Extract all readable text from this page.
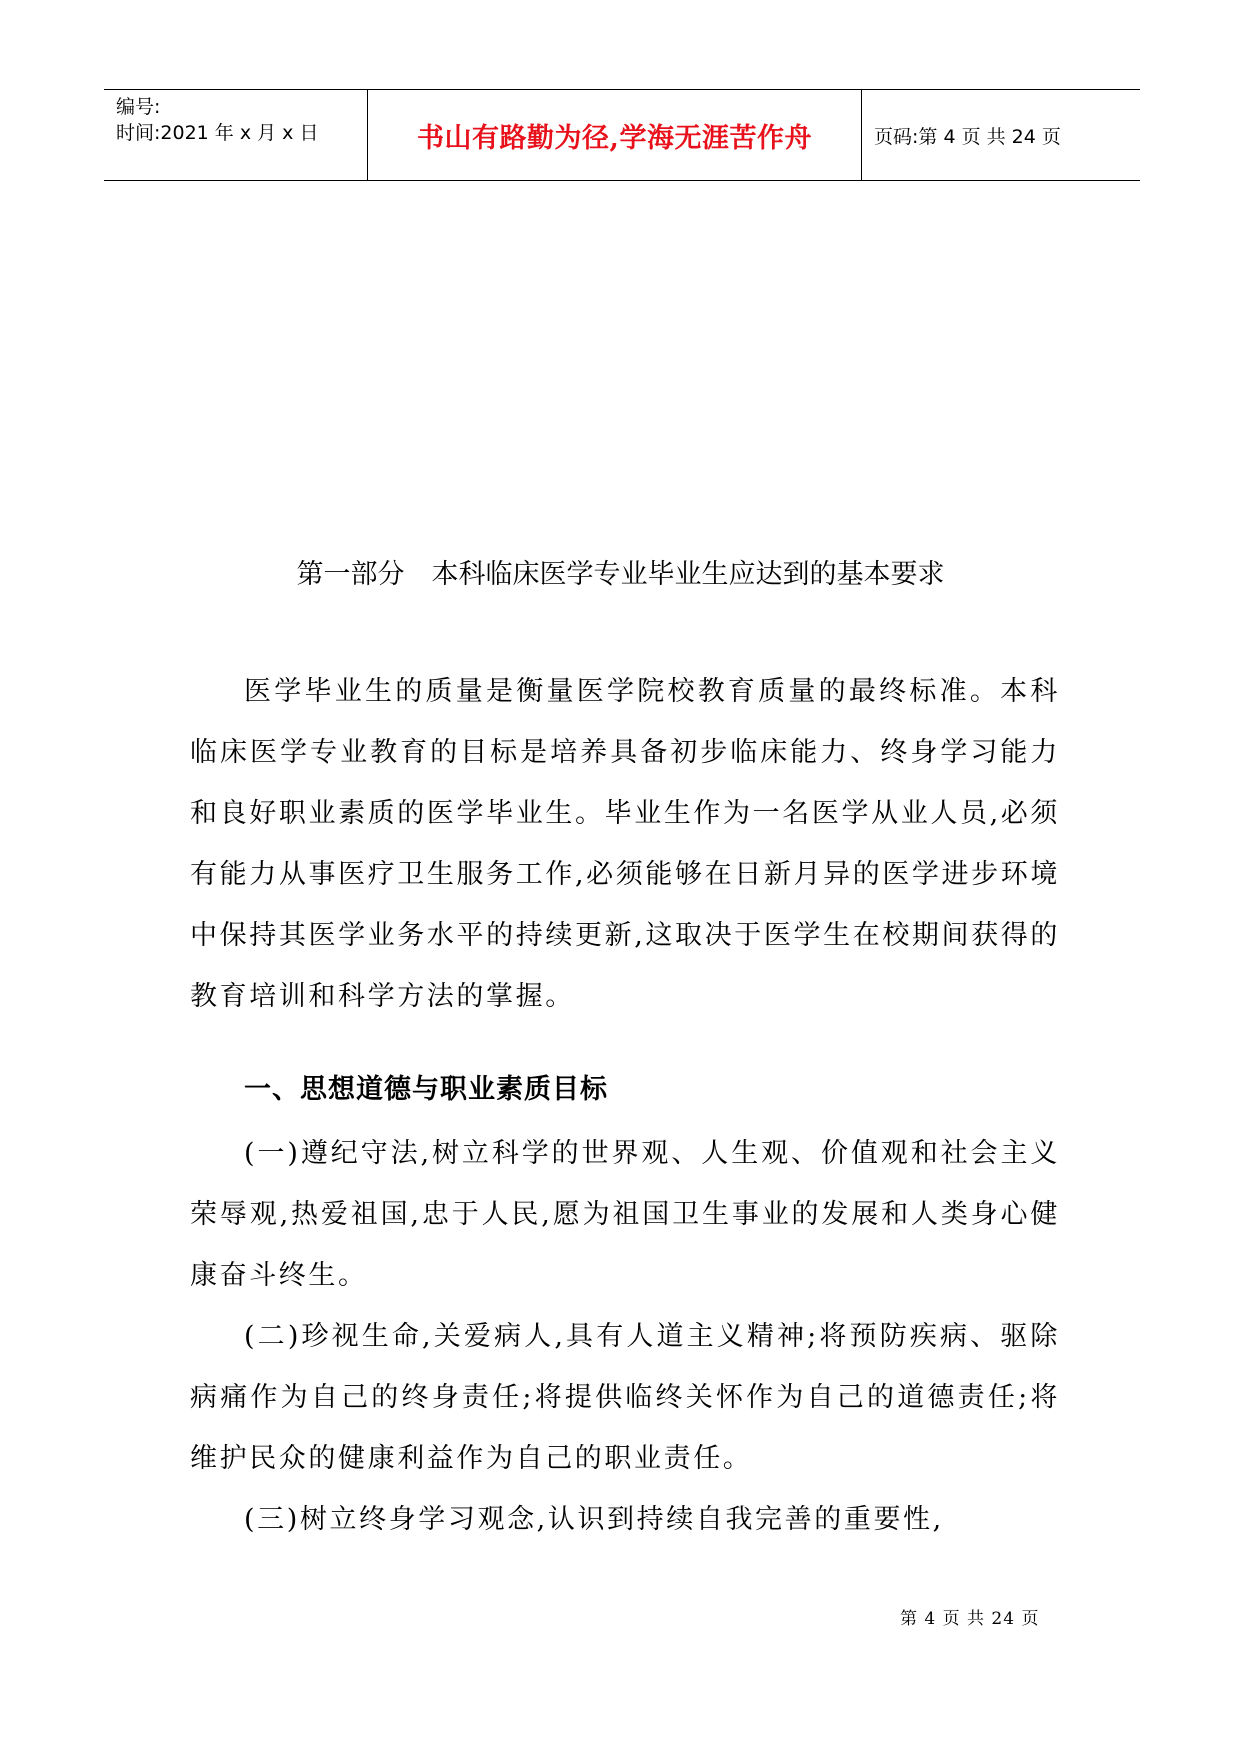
编号:
时间:2021 年 x 月 x 日	书山有路勤为径,学海无涯苦作舟	页码:第 4 页 共 24 页
第一部分　本科临床医学专业毕业生应达到的基本要求

医学毕业生的质量是衡量医学院校教育质量的最终标准。本科临床医学专业教育的目标是培养具备初步临床能力、终身学习能力和良好职业素质的医学毕业生。毕业生作为一名医学从业人员,必须有能力从事医疗卫生服务工作,必须能够在日新月异的医学进步环境中保持其医学业务水平的持续更新,这取决于医学生在校期间获得的教育培训和科学方法的掌握。

一、思想道德与职业素质目标

(一)遵纪守法,树立科学的世界观、人生观、价值观和社会主义荣辱观,热爱祖国,忠于人民,愿为祖国卫生事业的发展和人类身心健康奋斗终生。

(二)珍视生命,关爱病人,具有人道主义精神;将预防疾病、驱除病痛作为自己的终身责任;将提供临终关怀作为自己的道德责任;将维护民众的健康利益作为自己的职业责任。

(三)树立终身学习观念,认识到持续自我完善的重要性,

第 4 页 共 24 页
